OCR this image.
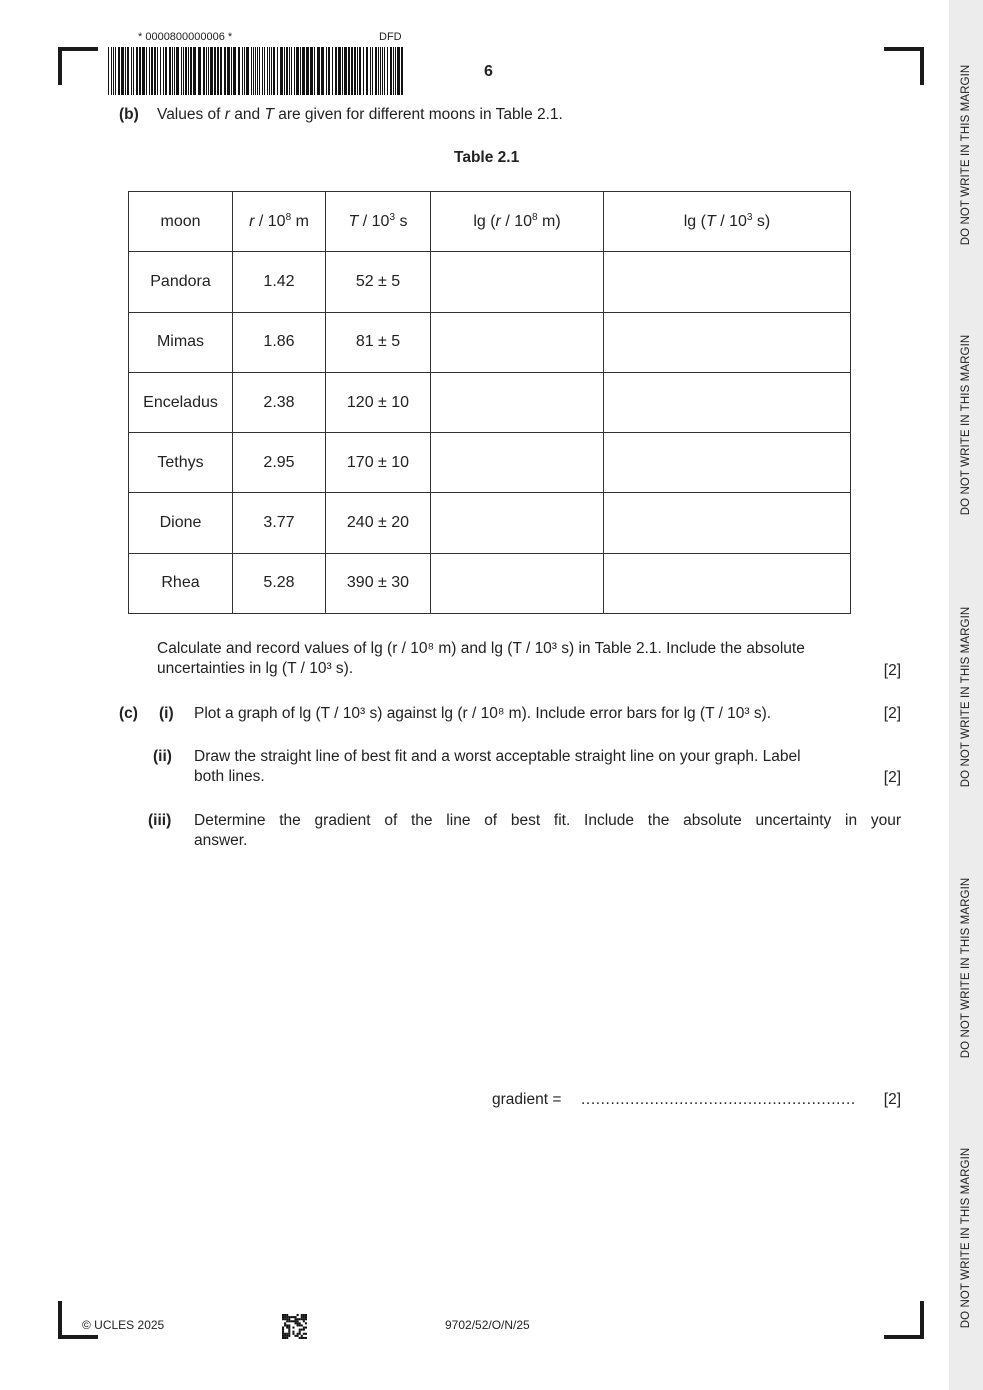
DO NOT WRITE IN THIS MARGIN
DO NOT WRITE IN THIS MARGIN
DO NOT WRITE IN THIS MARGIN
DO NOT WRITE IN THIS MARGIN
DO NOT WRITE IN THIS MARGIN
* 0000800000006 *	DFD
6
(b) Values of r and T are given for different moons in Table 2.1.
Table 2.1
moon	r / $10^8$ m	T / $10^3$ s	$\lg (r / 10^8$ m)	$\lg (T / 10^3$ s)
Pandora	1.42	52 ± 5		
Mimas	1.86	81 ± 5		
Enceladus	2.38	120 ± 10		
Tethys	2.95	170 ± 10		
Dione	3.77	240 ± 20		
Rhea	5.28	390 ± 30		
Calculate and record values of lg (r / 10⁸ m) and lg (T / 10³ s) in Table 2.1. Include the absolute
uncertainties in lg (T / 10³ s).	[2]
(c) (i) Plot a graph of lg (T / 10³ s) against lg (r / 10⁸ m). Include error bars for lg (T / 10³ s).	[2]
(ii) Draw the straight line of best fit and a worst acceptable straight line on your graph. Label
both lines.	[2]
(iii) Determine the gradient of the line of best fit. Include the absolute uncertainty in your
answer.
gradient = ........................................................ [2]
© UCLES 2025	9702/52/O/N/25
